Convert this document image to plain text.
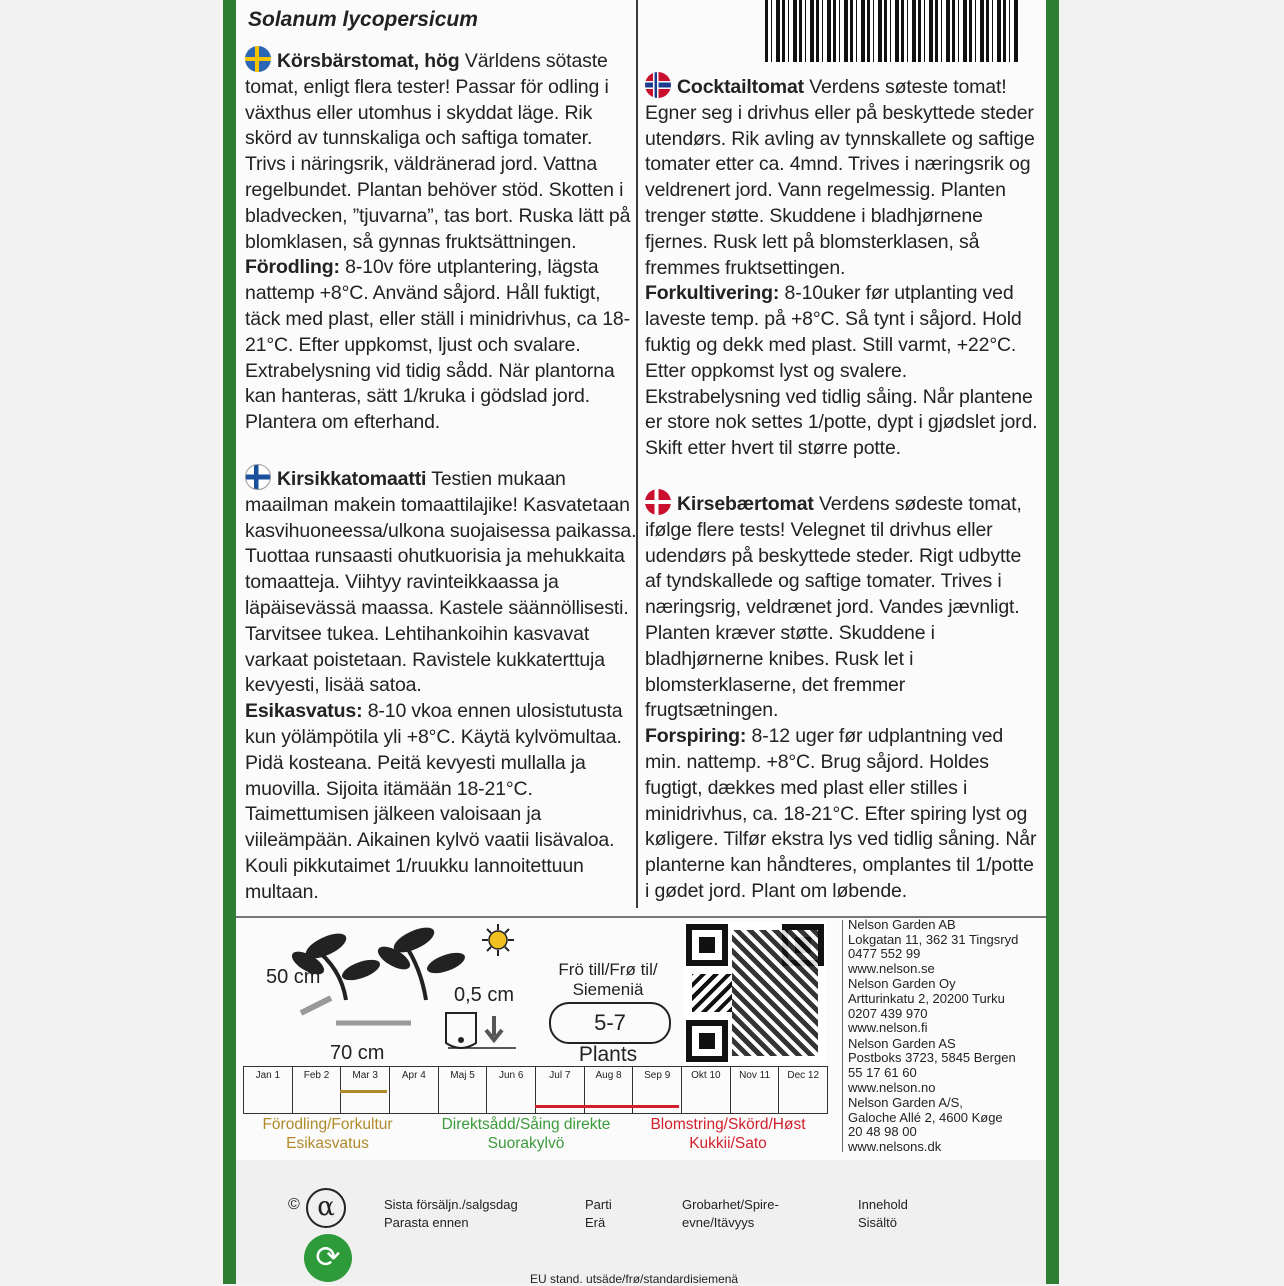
Solanum lycopersicum
Körsbärstomat, hög Världens sötaste tomat, enligt flera tester! Passar för odling i växthus eller utomhus i skyddat läge. Rik skörd av tunnskaliga och saftiga tomater. Trivs i näringsrik, väldränerad jord. Vattna regelbundet. Plantan behöver stöd. Skotten i bladvecken, ”tjuvarna”, tas bort. Ruska lätt på blomklasen, så gynnas fruktsättningen.
Förodling: 8-10v före utplantering, lägsta nattemp +8°C. Använd såjord. Håll fuktigt, täck med plast, eller ställ i minidrivhus, ca 18-21°C. Efter uppkomst, ljust och svalare. Extrabelysning vid tidig sådd. När plantorna kan hanteras, sätt 1/kruka i gödslad jord. Plantera om efterhand.
Kirsikkatomaatti Testien mukaan maailman makein tomaattilajike! Kasvatetaan kasvihuoneessa/ulkona suojaisessa paikassa. Tuottaa runsaasti ohutkuorisia ja mehukkaita tomaatteja. Viihtyy ravinteikkaassa ja läpäisevässä maassa. Kastele säännöllisesti. Tarvitsee tukea. Lehtihankoihin kasvavat varkaat poistetaan. Ravistele kukkaterttuja kevyesti, lisää satoa.
Esikasvatus: 8-10 vkoa ennen ulosistutusta kun yölämpötila yli +8°C. Käytä kylvömultaa. Pidä kosteana. Peitä kevyesti mullalla ja muovilla. Sijoita itämään 18-21°C. Taimettumisen jälkeen valoisaan ja viileämpään. Aikainen kylvö vaatii lisävaloa. Kouli pikkutaimet 1/ruukku lannoitettuun multaan.
Cocktailtomat Verdens søteste tomat! Egner seg i drivhus eller på beskyttede steder utendørs. Rik avling av tynnskallete og saftige tomater etter ca. 4mnd. Trives i næringsrik og veldrenert jord. Vann regelmessig. Planten trenger støtte. Skuddene i bladhjørnene fjernes. Rusk lett på blomsterklasen, så fremmes fruktsettingen.
Forkultivering: 8-10uker før utplanting ved laveste temp. på +8°C. Så tynt i såjord. Hold fuktig og dekk med plast. Still varmt, +22°C. Etter oppkomst lyst og svalere. Ekstrabelysning ved tidlig såing. Når plantene er store nok settes 1/potte, dypt i gjødslet jord. Skift etter hvert til større potte.
Kirsebærtomat Verdens sødeste tomat, ifølge flere tests! Velegnet til drivhus eller udendørs på beskyttede steder. Rigt udbytte af tyndskallede og saftige tomater. Trives i næringsrig, veldrænet jord. Vandes jævnligt. Planten kræver støtte. Skuddene i bladhjørnerne knibes. Rusk let i blomsterklaserne, det fremmer frugtsætningen.
Forspiring: 8-12 uger før udplantning ved min. nattemp. +8°C. Brug såjord. Holdes fugtigt, dækkes med plast eller stilles i minidrivhus, ca. 18-21°C. Efter spiring lyst og køligere. Tilfør ekstra lys ved tidlig såning. Når planterne kan håndteres, omplantes til 1/potte i gødet jord. Plant om løbende.
50 cm
0,5 cm
70 cm
Frö till/Frø til/
Siemeniä
5-7
Plants
Nelson Garden AB
Lokgatan 11, 362 31 Tingsryd
0477 552 99
www.nelson.se
Nelson Garden Oy
Artturinkatu 2, 20200 Turku
0207 439 970
www.nelson.fi
Nelson Garden AS
Postboks 3723, 5845 Bergen
55 17 61 60
www.nelson.no
Nelson Garden A/S,
Galoche Allé 2, 4600 Køge
20 48 98 00
www.nelsons.dk
Jan 1	Feb 2	Mar 3	Apr 4	Maj 5	Jun 6	Jul 7	Aug 8	Sep 9	Okt 10	Nov 11	Dec 12
Förodling/Forkultur
Esikasvatus
Direktsådd/Såing direkte
Suorakylvö
Blomstring/Skörd/Høst
Kukkii/Sato
© α
⟳
Sista försäljn./salgsdag
Parasta ennen
Parti
Erä
Grobarhet/Spire-
evne/Itävyys
Innehold
Sisältö
EU stand. utsäde/frø/standardisiemenä
